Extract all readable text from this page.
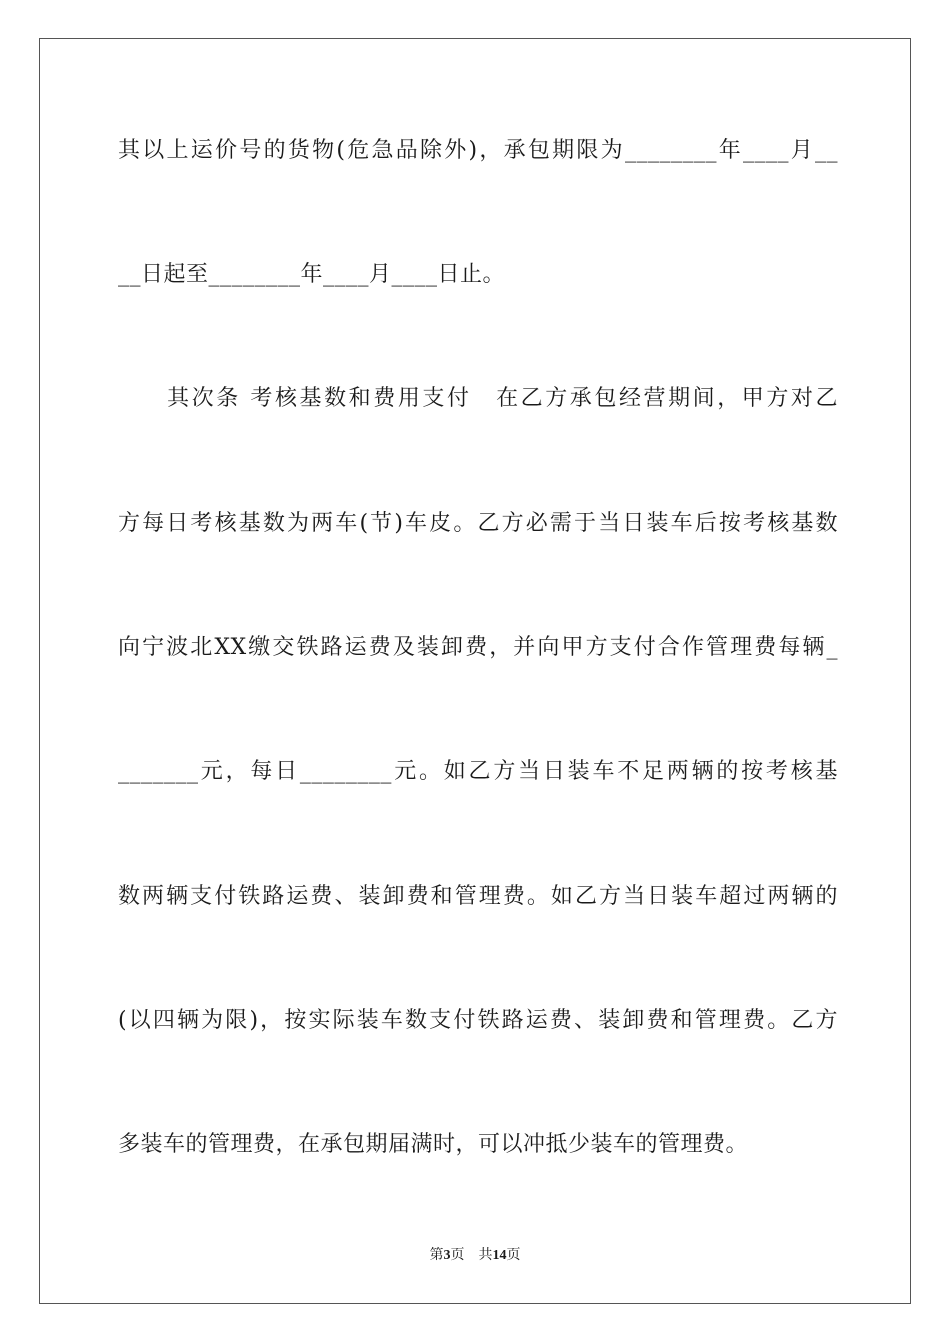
其以上运价号的货物(危急品除外)，承包期限为________年____月__
__日起至________年____月____日止。
　　其次条 考核基数和费用支付　在乙方承包经营期间，甲方对乙
方每日考核基数为两车(节)车皮。乙方必需于当日装车后按考核基数
向宁波北XX缴交铁路运费及装卸费，并向甲方支付合作管理费每辆_
_______元，每日________元。如乙方当日装车不足两辆的按考核基
数两辆支付铁路运费、装卸费和管理费。如乙方当日装车超过两辆的
(以四辆为限)，按实际装车数支付铁路运费、装卸费和管理费。乙方
多装车的管理费，在承包期届满时，可以冲抵少装车的管理费。
第3页 共14页
